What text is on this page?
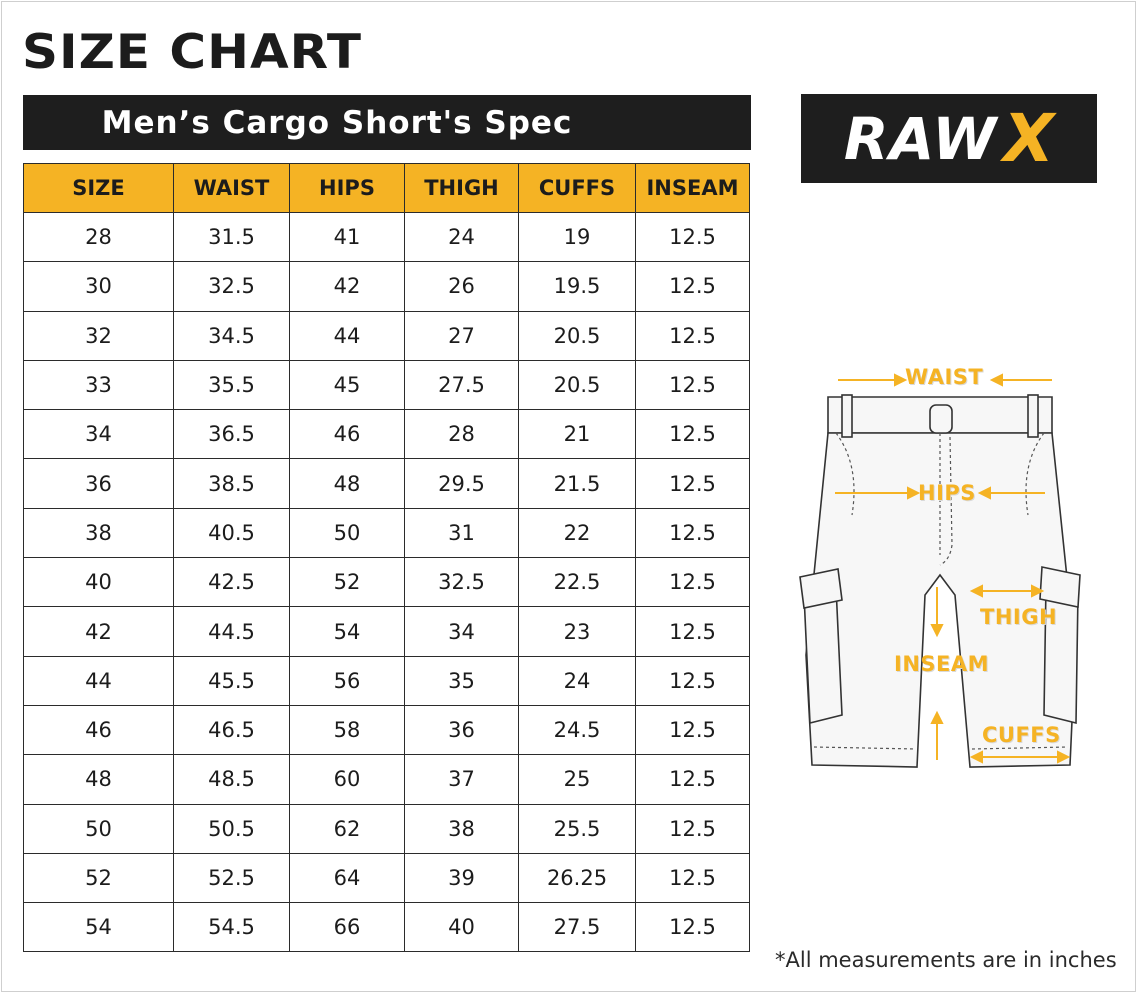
SIZE CHART
Men’s Cargo Short's Spec
SIZE	WAIST	HIPS	THIGH	CUFFS	INSEAM
28	31.5	41	24	19	12.5
30	32.5	42	26	19.5	12.5
32	34.5	44	27	20.5	12.5
33	35.5	45	27.5	20.5	12.5
34	36.5	46	28	21	12.5
36	38.5	48	29.5	21.5	12.5
38	40.5	50	31	22	12.5
40	42.5	52	32.5	22.5	12.5
42	44.5	54	34	23	12.5
44	45.5	56	35	24	12.5
46	46.5	58	36	24.5	12.5
48	48.5	60	37	25	12.5
50	50.5	62	38	25.5	12.5
52	52.5	64	39	26.25	12.5
54	54.5	66	40	27.5	12.5
RAW X
WAIST
HIPS
THIGH
INSEAM
CUFFS
*All measurements are in inches
